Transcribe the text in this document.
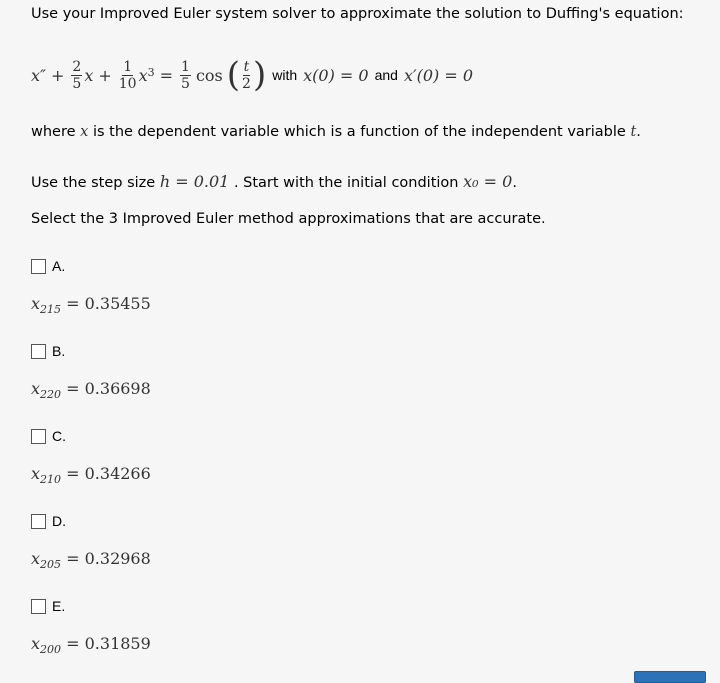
Use your Improved Euler system solver to approximate the solution to Duffing's equation:
$x'' + \frac{2}{5}$ $x + \frac{1}{10} x^3 = \frac{1}{5}$ cos ( $\frac{t}{2}$ ) with x(0) = 0 and x′(0) = 0
where x is the dependent variable which is a function of the independent variable t.
Use the step size h = 0.01 . Start with the initial condition x₀ = 0.
Select the 3 Improved Euler method approximations that are accurate.
A.
$x_{215} = 0.35455$
B.
$x_{220} = 0.36698$
C.
$x_{210} = 0.34266$
D.
$x_{205} = 0.32968$
E.
$x_{200} = 0.31859$
